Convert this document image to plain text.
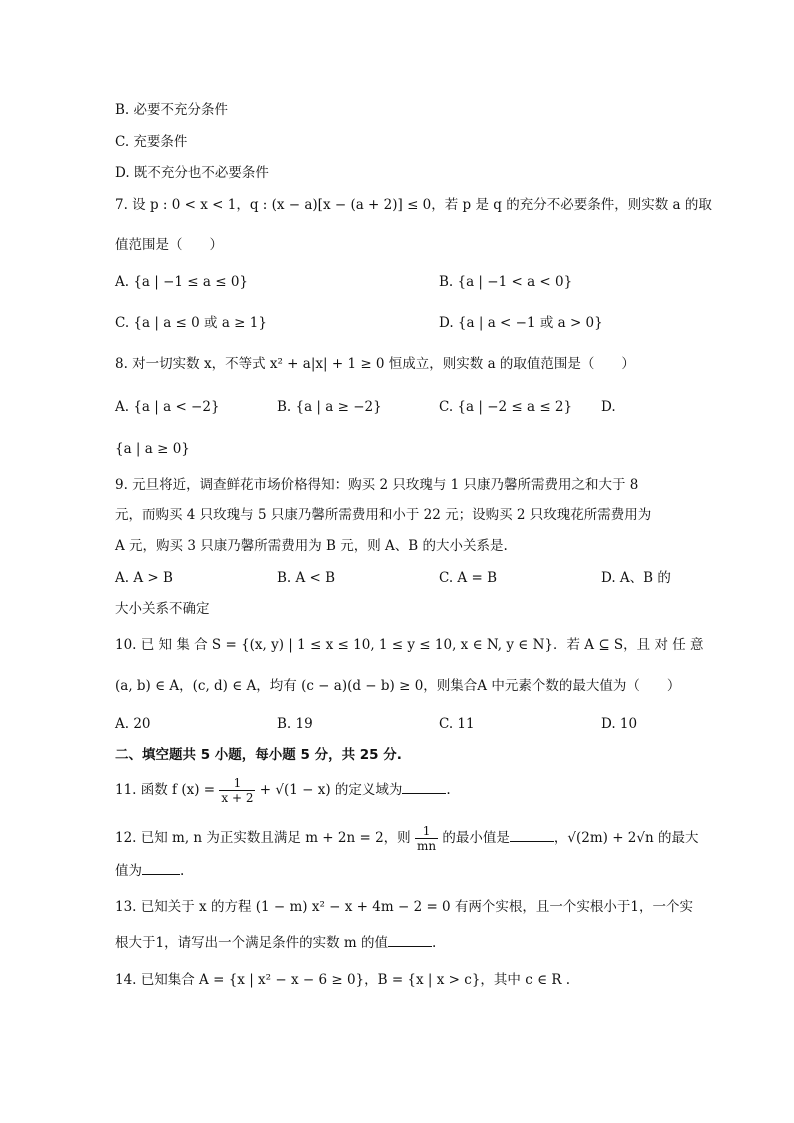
B. 必要不充分条件
C. 充要条件
D. 既不充分也不必要条件
7. 设 p : 0 < x < 1，q : (x − a)[x − (a + 2)] ≤ 0，若 p 是 q 的充分不必要条件，则实数 a 的取
值范围是（　　）
A. {a | −1 ≤ a ≤ 0}	B. {a | −1 < a < 0}
C. {a | a ≤ 0 或 a ≥ 1}	D. {a | a < −1 或 a > 0}
8. 对一切实数 x，不等式 x² + a|x| + 1 ≥ 0 恒成立，则实数 a 的取值范围是（　　）
A. {a | a < −2}	B. {a | a ≥ −2}	C. {a | −2 ≤ a ≤ 2} D.
{a | a ≥ 0}
9. 元旦将近，调查鲜花市场价格得知：购买 2 只玫瑰与 1 只康乃馨所需费用之和大于 8
元，而购买 4 只玫瑰与 5 只康乃馨所需费用和小于 22 元；设购买 2 只玫瑰花所需费用为
A 元，购买 3 只康乃馨所需费用为 B 元，则 A、B 的大小关系是.
A. A > B	B. A < B	C. A = B	D. A、B 的
大小关系不确定
10. 已 知 集 合 S = {(x, y) | 1 ≤ x ≤ 10, 1 ≤ y ≤ 10, x ∈ N, y ∈ N}．若 A ⊆ S，且 对 任 意
(a, b) ∈ A，(c, d) ∈ A，均有 (c − a)(d − b) ≥ 0，则集合A 中元素个数的最大值为（　　）
A. 20	B. 19	C. 11	D. 10
二、填空题共 5 小题，每小题 5 分，共 25 分.
11. 函数 f $(x) = \frac{1}{x + 2} + √(1 - x)$ 的定义域为	.
12. 已知 m, n 为正实数且满足 m + 2n = 2，则 $\frac{1}{mn}$ 的最小值是	，√(2m) + 2√n 的最大
值为	.
13. 已知关于 x 的方程 (1 − m) x² − x + 4m − 2 = 0 有两个实根，且一个实根小于1，一个实
根大于1，请写出一个满足条件的实数 m 的值	.
14. 已知集合 A = {x | x² − x − 6 ≥ 0}，B = {x | x > c}，其中 c ∈ R .
